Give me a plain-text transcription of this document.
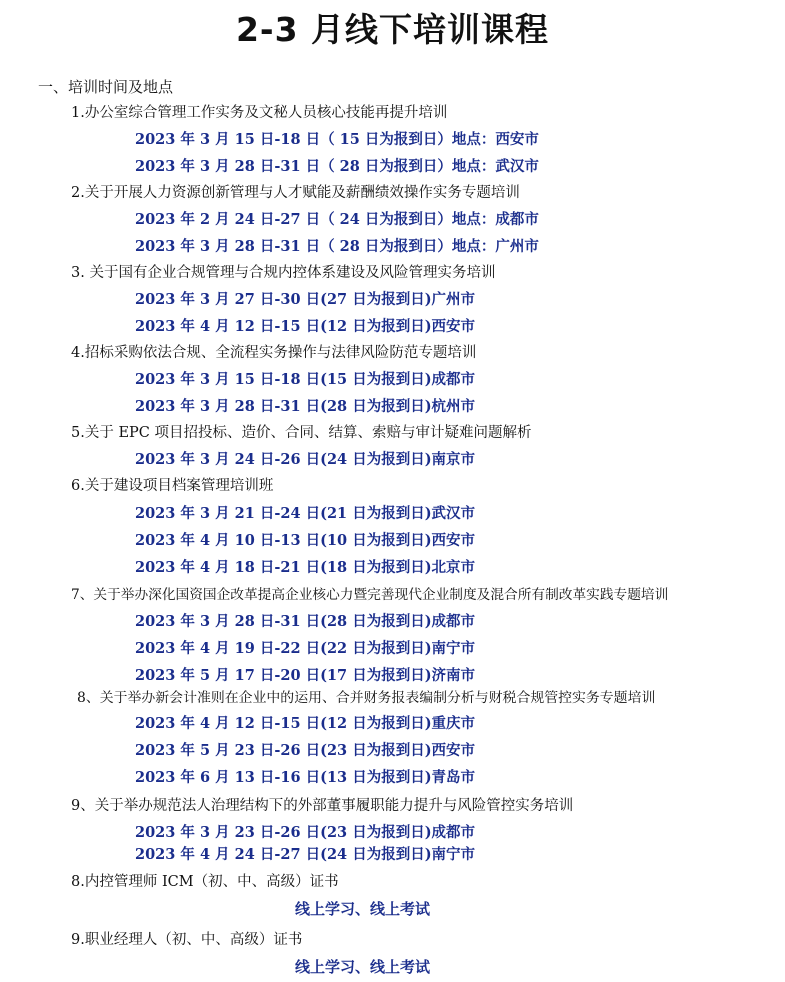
2-3 月线下培训课程
一、培训时间及地点
1.办公室综合管理工作实务及文秘人员核心技能再提升培训
2023 年 3 月 15 日-18 日（ 15 日为报到日）地点：西安市
2023 年 3 月 28 日-31 日（ 28 日为报到日）地点：武汉市
2.关于开展人力资源创新管理与人才赋能及薪酬绩效操作实务专题培训
2023 年 2 月 24 日-27 日（ 24 日为报到日）地点：成都市
2023 年 3 月 28 日-31 日（ 28 日为报到日）地点：广州市
3. 关于国有企业合规管理与合规内控体系建设及风险管理实务培训
2023 年 3 月 27 日-30 日(27 日为报到日)广州市
2023 年 4 月 12 日-15 日(12 日为报到日)西安市
4.招标采购依法合规、全流程实务操作与法律风险防范专题培训
2023 年 3 月 15 日-18 日(15 日为报到日)成都市
2023 年 3 月 28 日-31 日(28 日为报到日)杭州市
5.关于 EPC 项目招投标、造价、合同、结算、索赔与审计疑难问题解析
2023 年 3 月 24 日-26 日(24 日为报到日)南京市
6.关于建设项目档案管理培训班
2023 年 3 月 21 日-24 日(21 日为报到日)武汉市
2023 年 4 月 10 日-13 日(10 日为报到日)西安市
2023 年 4 月 18 日-21 日(18 日为报到日)北京市
7、关于举办深化国资国企改革提高企业核心力暨完善现代企业制度及混合所有制改革实践专题培训
2023 年 3 月 28 日-31 日(28 日为报到日)成都市
2023 年 4 月 19 日-22 日(22 日为报到日)南宁市
2023 年 5 月 17 日-20 日(17 日为报到日)济南市
8、关于举办新会计准则在企业中的运用、合并财务报表编制分析与财税合规管控实务专题培训
2023 年 4 月 12 日-15 日(12 日为报到日)重庆市
2023 年 5 月 23 日-26 日(23 日为报到日)西安市
2023 年 6 月 13 日-16 日(13 日为报到日)青岛市
9、关于举办规范法人治理结构下的外部董事履职能力提升与风险管控实务培训
2023 年 3 月 23 日-26 日(23 日为报到日)成都市
2023 年 4 月 24 日-27 日(24 日为报到日)南宁市
8.内控管理师 ICM（初、中、高级）证书
线上学习、线上考试
9.职业经理人（初、中、高级）证书
线上学习、线上考试
